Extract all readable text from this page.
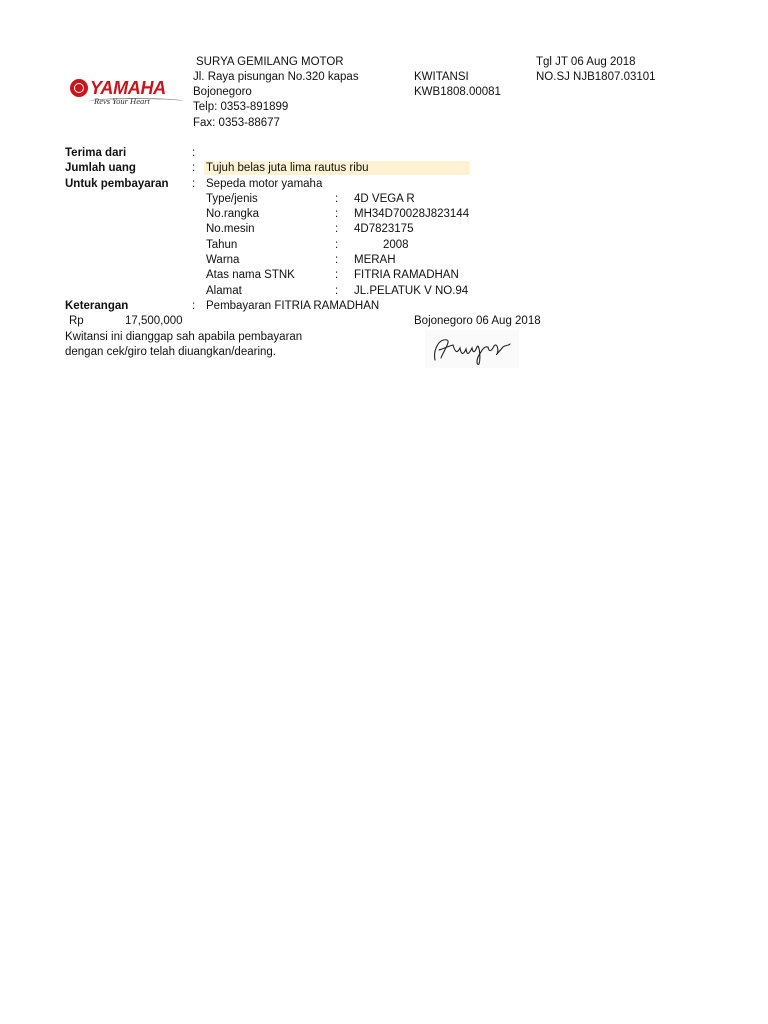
YAMAHA
Revs Your Heart
SURYA GEMILANG MOTOR
Jl. Raya pisungan No.320 kapas
Bojonegoro
Telp: 0353-891899
Fax: 0353-88677
KWITANSI
KWB1808.00081
Tgl JT 06 Aug 2018
NO.SJ NJB1807.03101
Terima dari	:
Jumlah uang	: Tujuh belas juta lima rautus ribu
Untuk pembayaran : Sepeda motor yamaha
Type/jenis	: 4D VEGA R
No.rangka	: MH34D70028J823144
No.mesin	: 4D7823175
Tahun	:	2008
Warna	: MERAH
Atas nama STNK	: FITRIA RAMADHAN
Alamat	: JL.PELATUK V NO.94
Keterangan	: Pembayaran FITRIA RAMADHAN
Rp	17,500,000	Bojonegoro 06 Aug 2018
Kwitansi ini dianggap sah apabila pembayaran
dengan cek/giro telah diuangkan/dearing.
